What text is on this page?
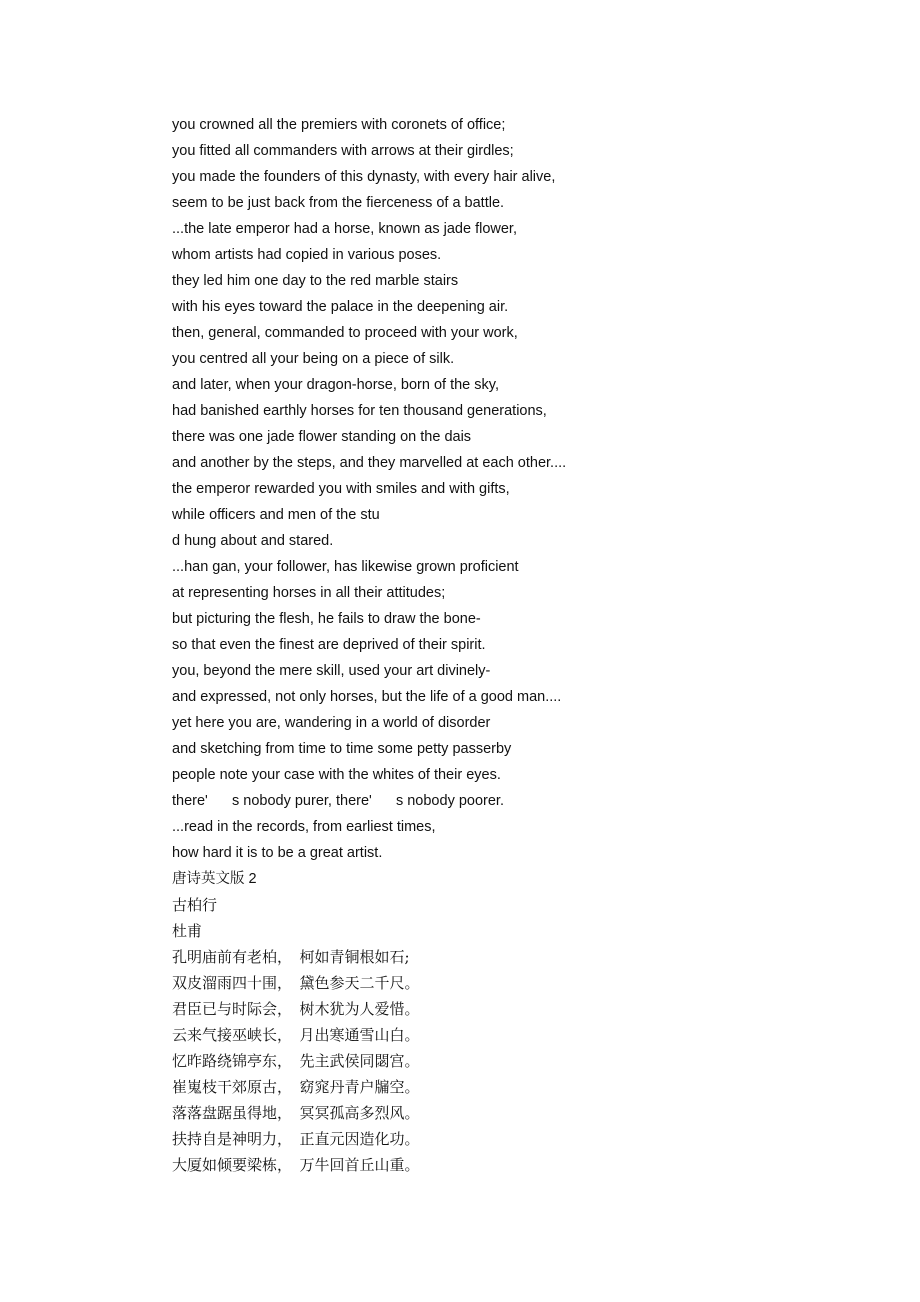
you crowned all the premiers with coronets of office;

you fitted all commanders with arrows at their girdles;

you made the founders of this dynasty, with every hair alive,

seem to be just back from the fierceness of a battle.

...the late emperor had a horse, known as jade flower,

whom artists had copied in various poses.

they led him one day to the red marble stairs

with his eyes toward the palace in the deepening air.

then, general, commanded to proceed with your work,

you centred all your being on a piece of silk.

and later, when your dragon-horse, born of the sky,

had banished earthly horses for ten thousand generations,

there was one jade flower standing on the dais

and another by the steps, and they marvelled at each other....

the emperor rewarded you with smiles and with gifts,

while officers and men of the stu

d hung about and stared.

...han gan, your follower, has likewise grown proficient

at representing horses in all their attitudes;

but picturing the flesh, he fails to draw the bone-

so that even the finest are deprived of their spirit.

you, beyond the mere skill, used your art divinely-

and expressed, not only horses, but the life of a good man....

yet here you are, wandering in a world of disorder

and sketching from time to time some petty passerby

people note your case with the whites of their eyes.

there'      s nobody purer, there'      s nobody poorer.

...read in the records, from earliest times,

how hard it is to be a great artist.

唐诗英文版 2

古柏行

杜甫

孔明庙前有老柏，　柯如青铜根如石;

双皮溜雨四十围，　黛色参天二千尺。

君臣已与时际会，　树木犹为人爱惜。

云来气接巫峡长，　月出寒通雪山白。

忆昨路绕锦亭东，　先主武侯同閟宫。

崔嵬枝干郊原古，　窈窕丹青户牖空。

落落盘踞虽得地，　冥冥孤高多烈风。

扶持自是神明力，　正直元因造化功。

大厦如倾要梁栋，　万牛回首丘山重。
